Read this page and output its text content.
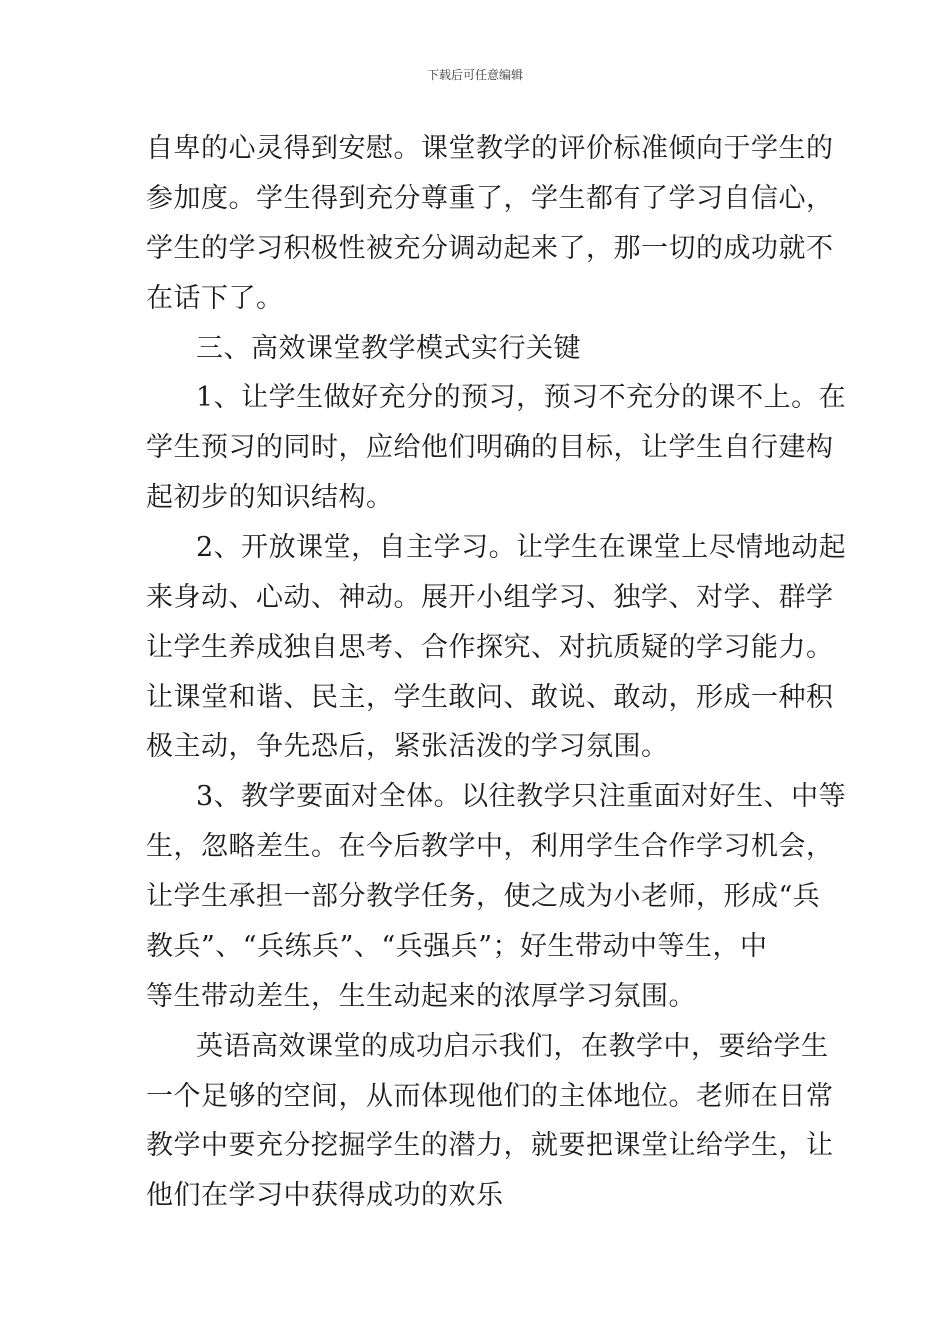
下载后可任意编辑
自卑的心灵得到安慰。课堂教学的评价标准倾向于学生的
参加度。学生得到充分尊重了，学生都有了学习自信心，
学生的学习积极性被充分调动起来了，那一切的成功就不
在话下了。
三、高效课堂教学模式实行关键
1、让学生做好充分的预习，预习不充分的课不上。在
学生预习的同时，应给他们明确的目标，让学生自行建构
起初步的知识结构。
2、开放课堂，自主学习。让学生在课堂上尽情地动起
来身动、心动、神动。展开小组学习、独学、对学、群学
让学生养成独自思考、合作探究、对抗质疑的学习能力。
让课堂和谐、民主，学生敢问、敢说、敢动，形成一种积
极主动，争先恐后，紧张活泼的学习氛围。
3、教学要面对全体。以往教学只注重面对好生、中等
生，忽略差生。在今后教学中，利用学生合作学习机会，
让学生承担一部分教学任务，使之成为小老师，形成“兵
教兵”、“兵练兵”、“兵强兵”；好生带动中等生，中
等生带动差生，生生动起来的浓厚学习氛围。
英语高效课堂的成功启示我们，在教学中，要给学生
一个足够的空间，从而体现他们的主体地位。老师在日常
教学中要充分挖掘学生的潜力，就要把课堂让给学生，让
他们在学习中获得成功的欢乐
